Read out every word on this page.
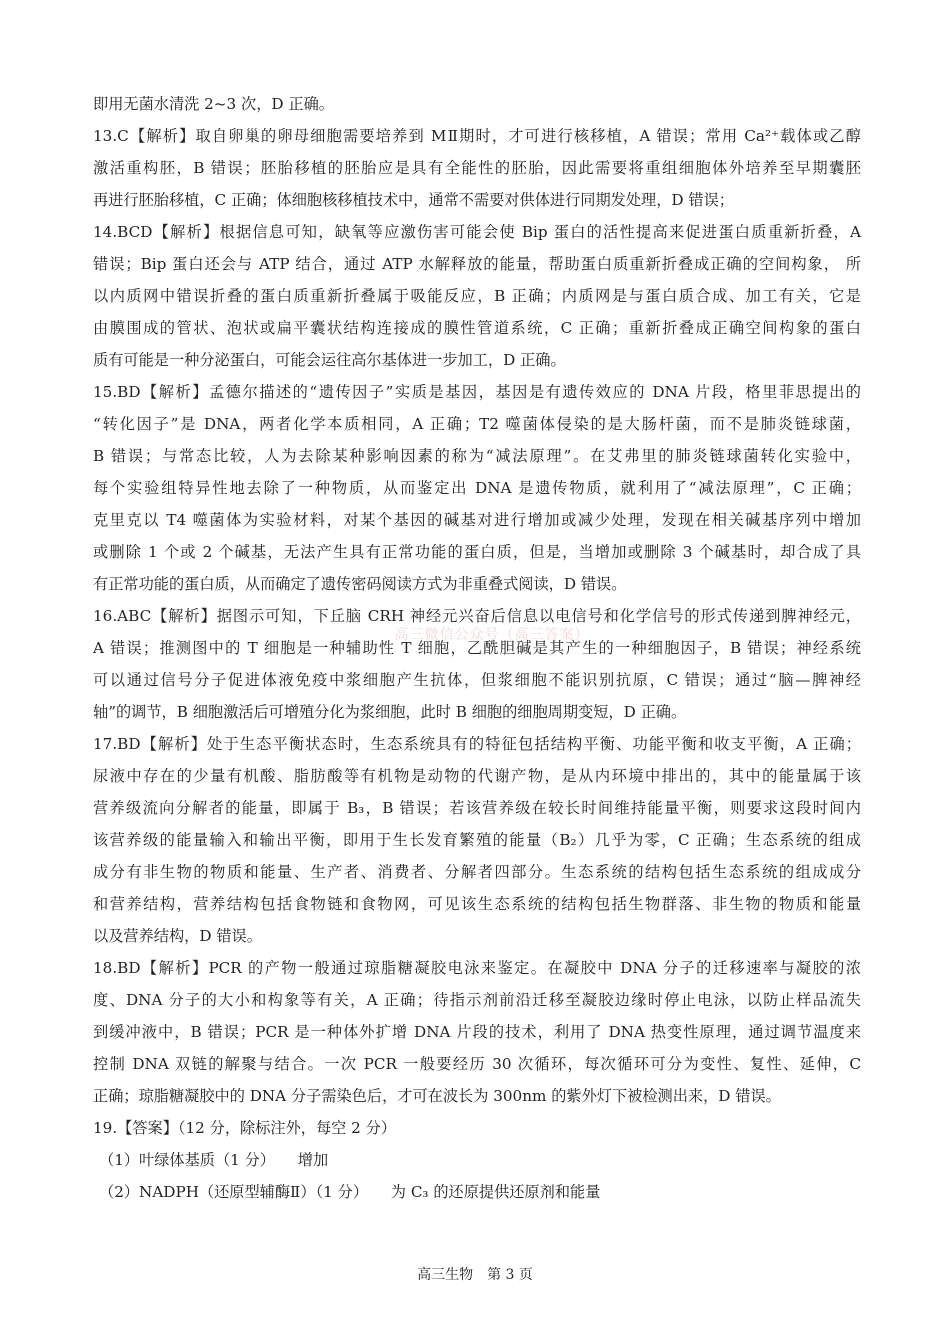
即用无菌水清洗 2~3 次，D 正确。
13.C【解析】取自卵巢的卵母细胞需要培养到 MⅡ期时，才可进行核移植，A 错误；常用 Ca²⁺载体或乙醇
激活重构胚，B 错误；胚胎移植的胚胎应是具有全能性的胚胎，因此需要将重组细胞体外培养至早期囊胚
再进行胚胎移植，C 正确；体细胞核移植技术中，通常不需要对供体进行同期发处理，D 错误；
14.BCD【解析】根据信息可知，缺氧等应激伤害可能会使 Bip 蛋白的活性提高来促进蛋白质重新折叠，A
错误；Bip 蛋白还会与 ATP 结合，通过 ATP 水解释放的能量，帮助蛋白质重新折叠成正确的空间构象， 所
以内质网中错误折叠的蛋白质重新折叠属于吸能反应，B 正确；内质网是与蛋白质合成、加工有关，它是
由膜围成的管状、泡状或扁平囊状结构连接成的膜性管道系统，C 正确；重新折叠成正确空间构象的蛋白
质有可能是一种分泌蛋白，可能会运往高尔基体进一步加工，D 正确。
15.BD【解析】孟德尔描述的“遗传因子”实质是基因，基因是有遗传效应的 DNA 片段，格里菲思提出的
“转化因子”是 DNA，两者化学本质相同，A 正确；T2 噬菌体侵染的是大肠杆菌，而不是肺炎链球菌，
B 错误；与常态比较，人为去除某种影响因素的称为“减法原理”。在艾弗里的肺炎链球菌转化实验中，
每个实验组特异性地去除了一种物质，从而鉴定出 DNA 是遗传物质，就利用了“减法原理”，C 正确；
克里克以 T4 噬菌体为实验材料，对某个基因的碱基对进行增加或减少处理，发现在相关碱基序列中增加
或删除 1 个或 2 个碱基，无法产生具有正常功能的蛋白质，但是，当增加或删除 3 个碱基时，却合成了具
有正常功能的蛋白质，从而确定了遗传密码阅读方式为非重叠式阅读，D 错误。
16.ABC【解析】据图示可知，下丘脑 CRH 神经元兴奋后信息以电信号和化学信号的形式传递到脾神经元，
A 错误；推测图中的 T 细胞是一种辅助性 T 细胞，乙酰胆碱是其产生的一种细胞因子，B 错误；神经系统
可以通过信号分子促进体液免疫中浆细胞产生抗体，但浆细胞不能识别抗原，C 错误；通过“脑—脾神经
轴”的调节，B 细胞激活后可增殖分化为浆细胞，此时 B 细胞的细胞周期变短，D 正确。
17.BD【解析】处于生态平衡状态时，生态系统具有的特征包括结构平衡、功能平衡和收支平衡，A 正确；
尿液中存在的少量有机酸、脂肪酸等有机物是动物的代谢产物，是从内环境中排出的，其中的能量属于该
营养级流向分解者的能量，即属于 B₃，B 错误；若该营养级在较长时间维持能量平衡，则要求这段时间内
该营养级的能量输入和输出平衡，即用于生长发育繁殖的能量（B₂）几乎为零，C 正确；生态系统的组成
成分有非生物的物质和能量、生产者、消费者、分解者四部分。生态系统的结构包括生态系统的组成成分
和营养结构，营养结构包括食物链和食物网，可见该生态系统的结构包括生物群落、非生物的物质和能量
以及营养结构，D 错误。
18.BD【解析】PCR 的产物一般通过琼脂糖凝胶电泳来鉴定。在凝胶中 DNA 分子的迁移速率与凝胶的浓
度、DNA 分子的大小和构象等有关，A 正确；待指示剂前沿迁移至凝胶边缘时停止电泳，以防止样品流失
到缓冲液中，B 错误；PCR 是一种体外扩增 DNA 片段的技术，利用了 DNA 热变性原理，通过调节温度来
控制 DNA 双链的解聚与结合。一次 PCR 一般要经历 30 次循环，每次循环可分为变性、复性、延伸，C
正确；琼脂糖凝胶中的 DNA 分子需染色后，才可在波长为 300nm 的紫外灯下被检测出来，D 错误。
19.【答案】（12 分，除标注外，每空 2 分）
（1）叶绿体基质（1 分）　　增加
（2）NADPH（还原型辅酶Ⅱ）（1 分）　　为 C₃ 的还原提供还原剂和能量
高三微信公众号（高三答案）
高三生物　第 3 页
